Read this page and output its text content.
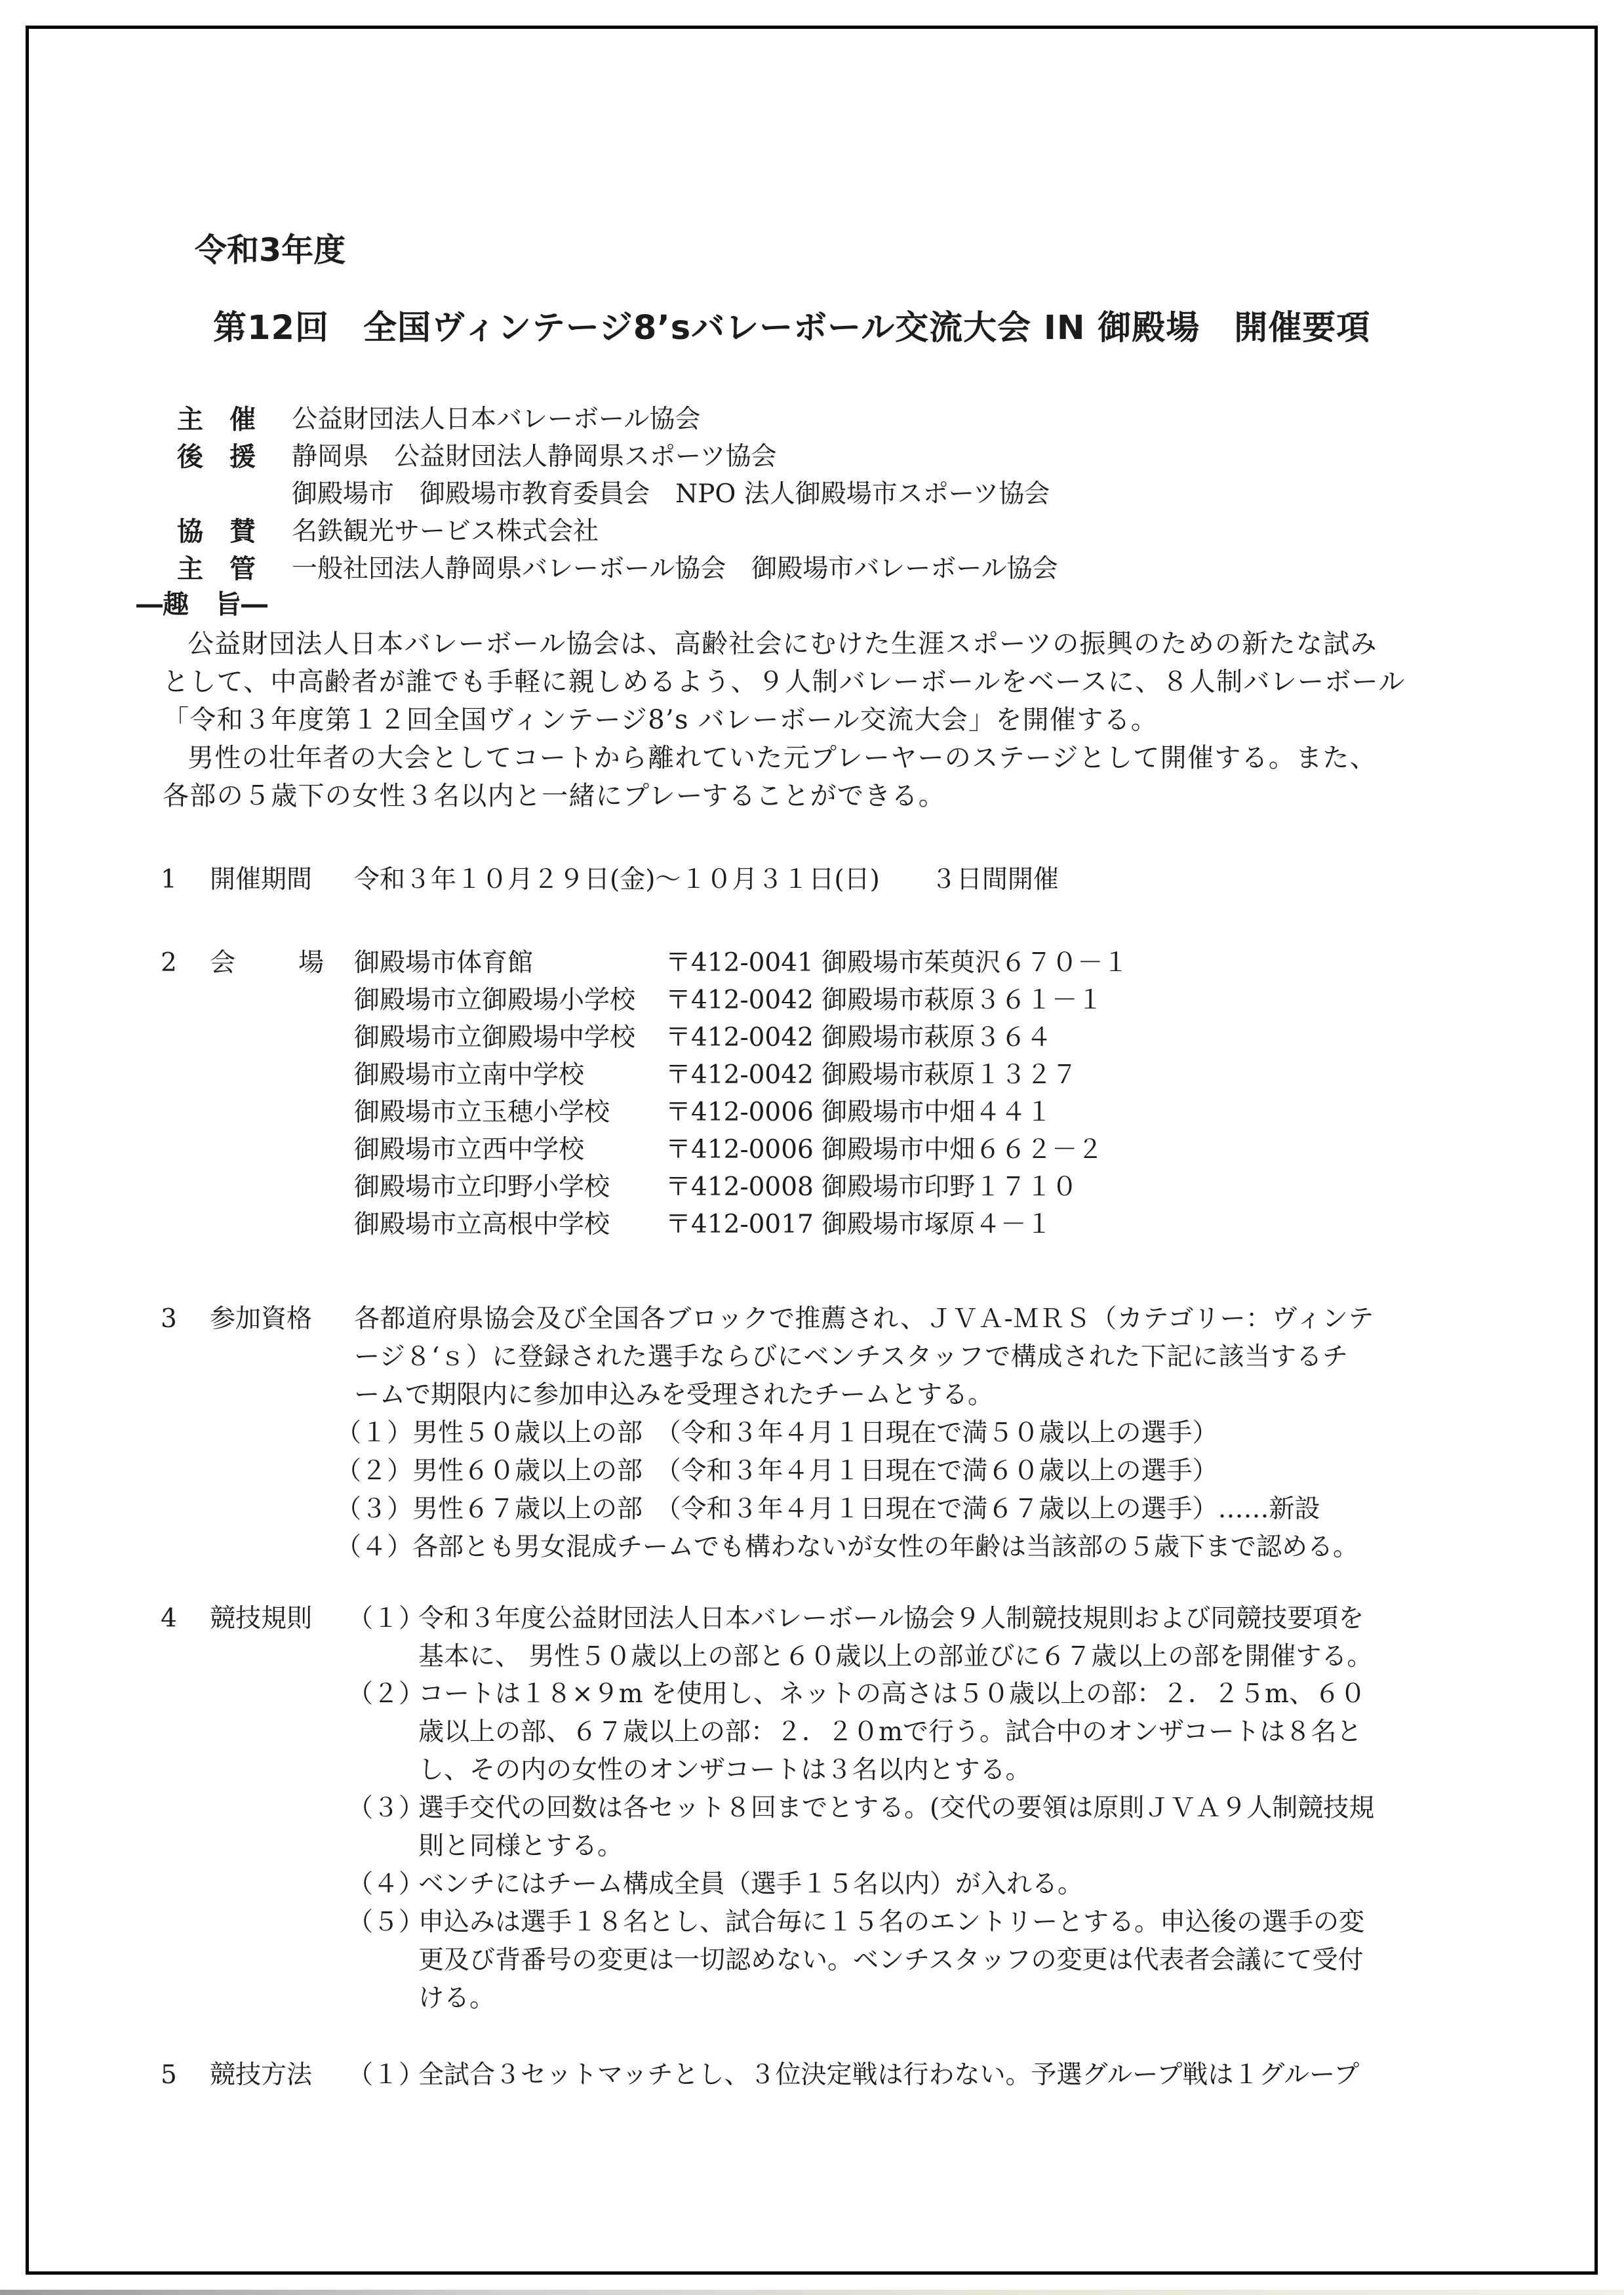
令和3年度
第12回　全国ヴィンテージ8’sバレーボール交流大会 IN 御殿場　開催要項
主　催	公益財団法人日本バレーボール協会
後　援	静岡県　公益財団法人静岡県スポーツ協会
御殿場市　御殿場市教育委員会　NPO 法人御殿場市スポーツ協会
協　賛	名鉄観光サービス株式会社
主　管	一般社団法人静岡県バレーボール協会　御殿場市バレーボール協会
―趣　旨―
公益財団法人日本バレーボール協会は、高齢社会にむけた生涯スポーツの振興のための新たな試み
として、中高齢者が誰でも手軽に親しめるよう、９人制バレーボールをベースに、８人制バレーボール
「令和３年度第１２回全国ヴィンテージ8’s バレーボール交流大会」を開催する。
男性の壮年者の大会としてコートから離れていた元プレーヤーのステージとして開催する。また、
各部の５歳下の女性３名以内と一緒にプレーすることができる。
1 開催期間 令和３年１０月２９日(金)～１０月３１日(日)　　３日間開催
2 会 場 御殿場市体育館	〒412-0041 御殿場市茱萸沢６７０－１
御殿場市立御殿場小学校 〒412-0042 御殿場市萩原３６１－１
御殿場市立御殿場中学校 〒412-0042 御殿場市萩原３６４
御殿場市立南中学校	〒412-0042 御殿場市萩原１３２７
御殿場市立玉穂小学校 〒412-0006 御殿場市中畑４４１
御殿場市立西中学校	〒412-0006 御殿場市中畑６６２－２
御殿場市立印野小学校 〒412-0008 御殿場市印野１７１０
御殿場市立高根中学校 〒412-0017 御殿場市塚原４－１
3 参加資格 各都道府県協会及び全国各ブロックで推薦され、ＪＶＡ-ＭＲＳ（カテゴリー：ヴィンテ
ージ８‘ｓ）に登録された選手ならびにベンチスタッフで構成された下記に該当するチ
ームで期限内に参加申込みを受理されたチームとする。
（１）男性５０歳以上の部　（令和３年４月１日現在で満５０歳以上の選手）
（２）男性６０歳以上の部　（令和３年４月１日現在で満６０歳以上の選手）
（３）男性６７歳以上の部　（令和３年４月１日現在で満６７歳以上の選手）……新設
（４）各部とも男女混成チームでも構わないが女性の年齢は当該部の５歳下まで認める。
4 競技規則 （１）
令和３年度公益財団法人日本バレーボール協会９人制競技規則および同競技要項を
基本に、 男性５０歳以上の部と６０歳以上の部並びに６７歳以上の部を開催する。
（２）
コートは１８×９m を使用し、ネットの高さは５０歳以上の部：２．２５m、６０
歳以上の部、６７歳以上の部：２．２０mで行う。試合中のオンザコートは８名と
し、その内の女性のオンザコートは３名以内とする。
（３）
選手交代の回数は各セット８回までとする。(交代の要領は原則ＪＶＡ９人制競技規
則と同様とする。
（４）
ベンチにはチーム構成全員（選手１５名以内）が入れる。
（５）
申込みは選手１８名とし、試合毎に１５名のエントリーとする。申込後の選手の変
更及び背番号の変更は一切認めない。ベンチスタッフの変更は代表者会議にて受付
ける。
5 競技方法 （１）
全試合３セットマッチとし、３位決定戦は行わない。予選グループ戦は１グループ
